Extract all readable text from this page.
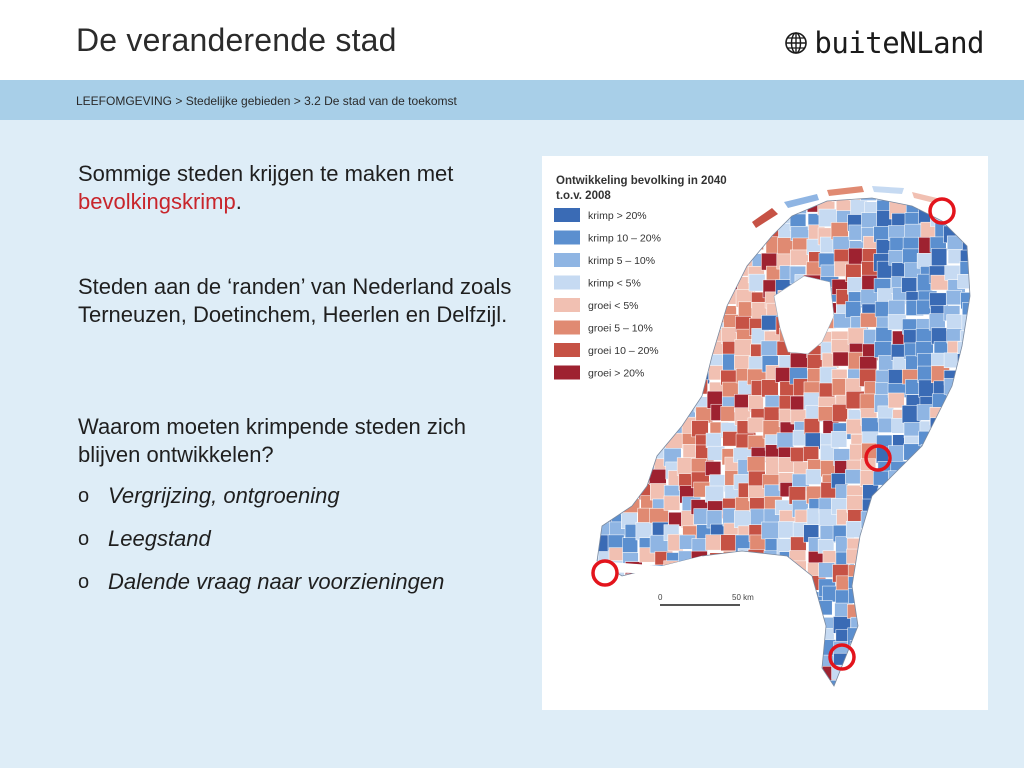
De veranderende stad	buiteNLand
LEEFOMGEVING > Stedelijke gebieden > 3.2 De stad van de toekomst

Sommige steden krijgen te maken met bevolkingskrimp.

Steden aan de ‘randen’ van Nederland zoals Terneuzen, Doetinchem, Heerlen en Delfzijl.

Waarom moeten krimpende steden zich blijven ontwikkelen?

o Vergrijzing, ontgroening
o Leegstand
o Dalende vraag naar voorzieningen
Ontwikkeling bevolking in 2040
t.o.v. 2008
krimp > 20%
krimp 10 – 20%
krimp 5 – 10%
krimp < 5%
groei < 5%
groei 5 – 10%
groei 10 – 20%
groei > 20%
0	50 km
